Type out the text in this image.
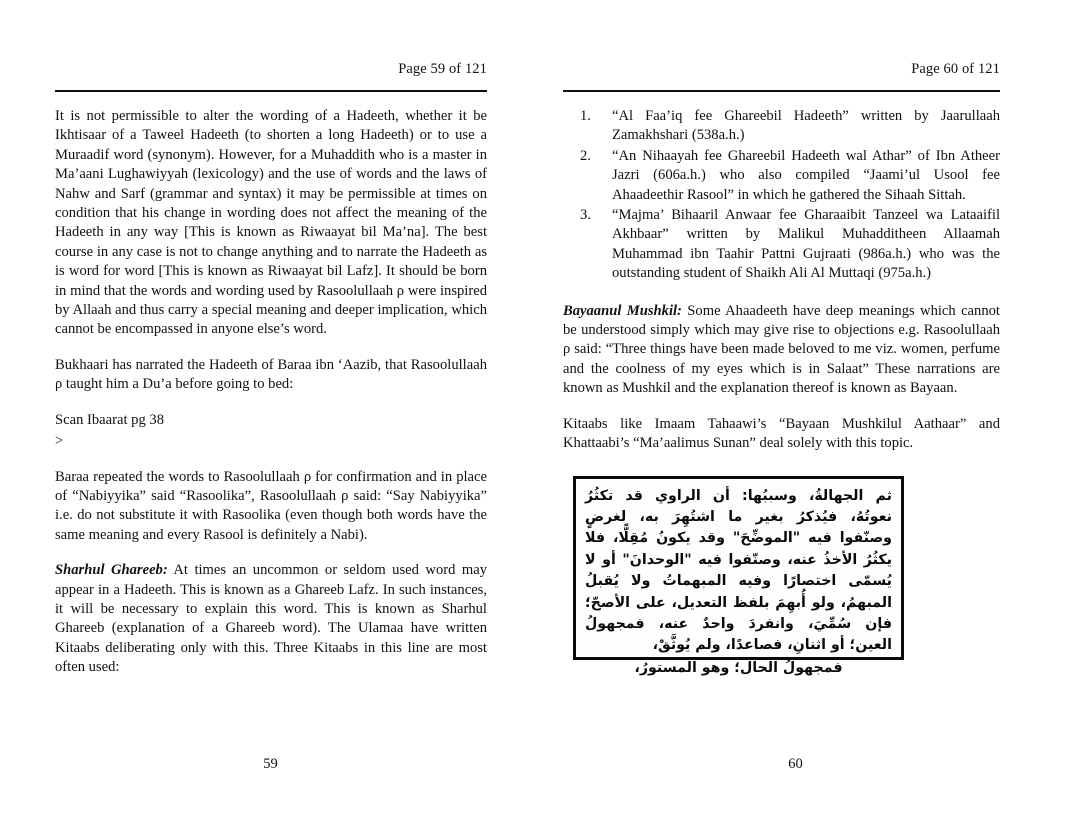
Page 59 of 121

It is not permissible to alter the wording of a Hadeeth, whether it be Ikhtisaar of a Taweel Hadeeth (to shorten a long Hadeeth) or to use a Muraadif word (synonym). However, for a Muhaddith who is a master in Ma’aani Lughawiyyah (lexicology) and the use of words and the laws of Nahw and Sarf (grammar and syntax) it may be permissible at times on condition that his change in wording does not affect the meaning of the Hadeeth in any way [This is known as Riwaayat bil Ma’na]. The best course in any case is not to change anything and to narrate the Hadeeth as is word for word [This is known as Riwaayat bil Lafz]. It should be born in mind that the words and wording used by Rasoolullaah ρ were inspired by Allaah and thus carry a special meaning and deeper implication, which cannot be encompassed in anyone else’s word.

Bukhaari has narrated the Hadeeth of Baraa ibn ‘Aazib, that Rasoolullaah ρ taught him a Du’a before going to bed:

Scan Ibaarat pg 38

>

Baraa repeated the words to Rasoolullaah ρ for confirmation and in place of “Nabiyyika” said “Rasoolika”, Rasoolullaah ρ said: “Say Nabiyyika” i.e. do not substitute it with Rasoolika (even though both words have the same meaning and every Rasool is definitely a Nabi).

Sharhul Ghareeb: At times an uncommon or seldom used word may appear in a Hadeeth. This is known as a Ghareeb Lafz. In such instances, it will be necessary to explain this word. This is known as Sharhul Ghareeb (explanation of a Ghareeb word). The Ulamaa have written Kitaabs deliberating only with this. Three Kitaabs in this line are most often used:

59
Page 60 of 121
1.	“Al Faa’iq fee Ghareebil Hadeeth” written by Jaarullaah Zamakhshari (538a.h.)
2.	“An Nihaayah fee Ghareebil Hadeeth wal Athar” of Ibn Atheer Jazri (606a.h.) who also compiled “Jaami’ul Usool fee Ahaadeethir Rasool” in which he gathered the Sihaah Sittah.
3.	“Majma’ Bihaaril Anwaar fee Gharaaibit Tanzeel wa Lataaifil Akhbaar” written by Malikul Muhadditheen Allaamah Muhammad ibn Taahir Pattni Gujraati (986a.h.) who was the outstanding student of Shaikh Ali Al Muttaqi (975a.h.)

Bayaanul Mushkil: Some Ahaadeeth have deep meanings which cannot be understood simply which may give rise to objections e.g. Rasoolullaah ρ said: “Three things have been made beloved to me viz. women, perfume and the coolness of my eyes which is in Salaat” These narrations are known as Mushkil and the explanation thereof is known as Bayaan.

Kitaabs like Imaam Tahaawi’s “Bayaan Mushkilul Aathaar” and Khattaabi’s “Ma’aalimus Sunan” deal solely with this topic.

ثم الجهالةُ، وسببُها: أن الراوي قد تكثُرُ نعوتُهُ، فيُذكرُ بغير ما اشتُهِرَ به، لغرضٍ وصنّفوا فيه "الموضِّحَ" وقد يكونُ مُقِلًّا، فلا يكثُرُ الأخذُ عنه، وصنّفوا فيه "الوحدانَ" أو لا يُسمّى اختصارًا وفيه المبهماتُ ولا يُقبلُ المبهمُ، ولو أُبهِمَ بلفظ التعديل، على الأصحّ؛ فإن سُمِّيَ، وانفردَ واحدٌ عنه، فمجهولُ العين؛ أو اثنانِ، فصاعدًا، ولم يُوثَّقْ،
فمجهولُ الحال؛ وهو المستورُ،
60
